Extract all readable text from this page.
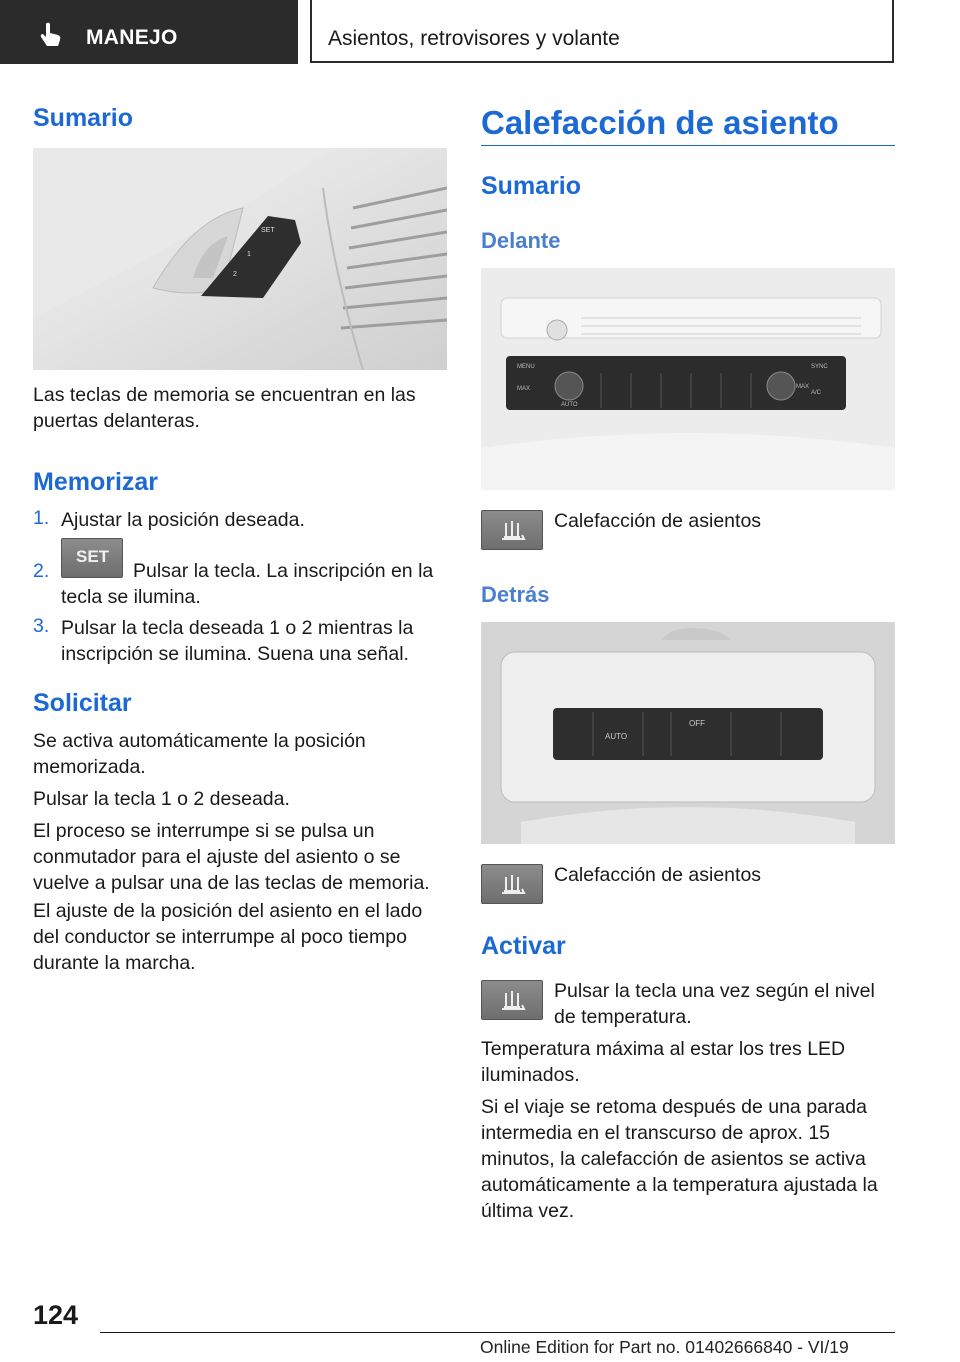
MANEJO	Asientos, retrovisores y volante
Sumario
SET
1
2

Las teclas de memoria se encuentran en las puertas delanteras.

Memorizar
1. Ajustar la posición deseada.

2.
SET

Pulsar la tecla. La inscripción en la tecla se ilumina.

3. Pulsar la tecla deseada 1 o 2 mientras la inscripción se ilumina. Suena una señal.

Solicitar

Se activa automáticamente la posición memorizada.

Pulsar la tecla 1 o 2 deseada.

El proceso se interrumpe si se pulsa un conmutador para el ajuste del asiento o se vuelve a pulsar una de las teclas de memoria.

El ajuste de la posición del asiento en el lado del conductor se interrumpe al poco tiempo durante la marcha.

Calefacción de asiento
Sumario
Delante
MENU
MAX
AUTO
SYNC
MAX
A/C

Calefacción de asientos

Detrás
AUTO
OFF

Calefacción de asientos

Activar

Pulsar la tecla una vez según el nivel de temperatura.

Temperatura máxima al estar los tres LED iluminados.

Si el viaje se retoma después de una parada intermedia en el transcurso de aprox. 15 minutos, la calefacción de asientos se activa automáticamente a la temperatura ajustada la última vez.

124
Online Edition for Part no. 01402666840 - VI/19
